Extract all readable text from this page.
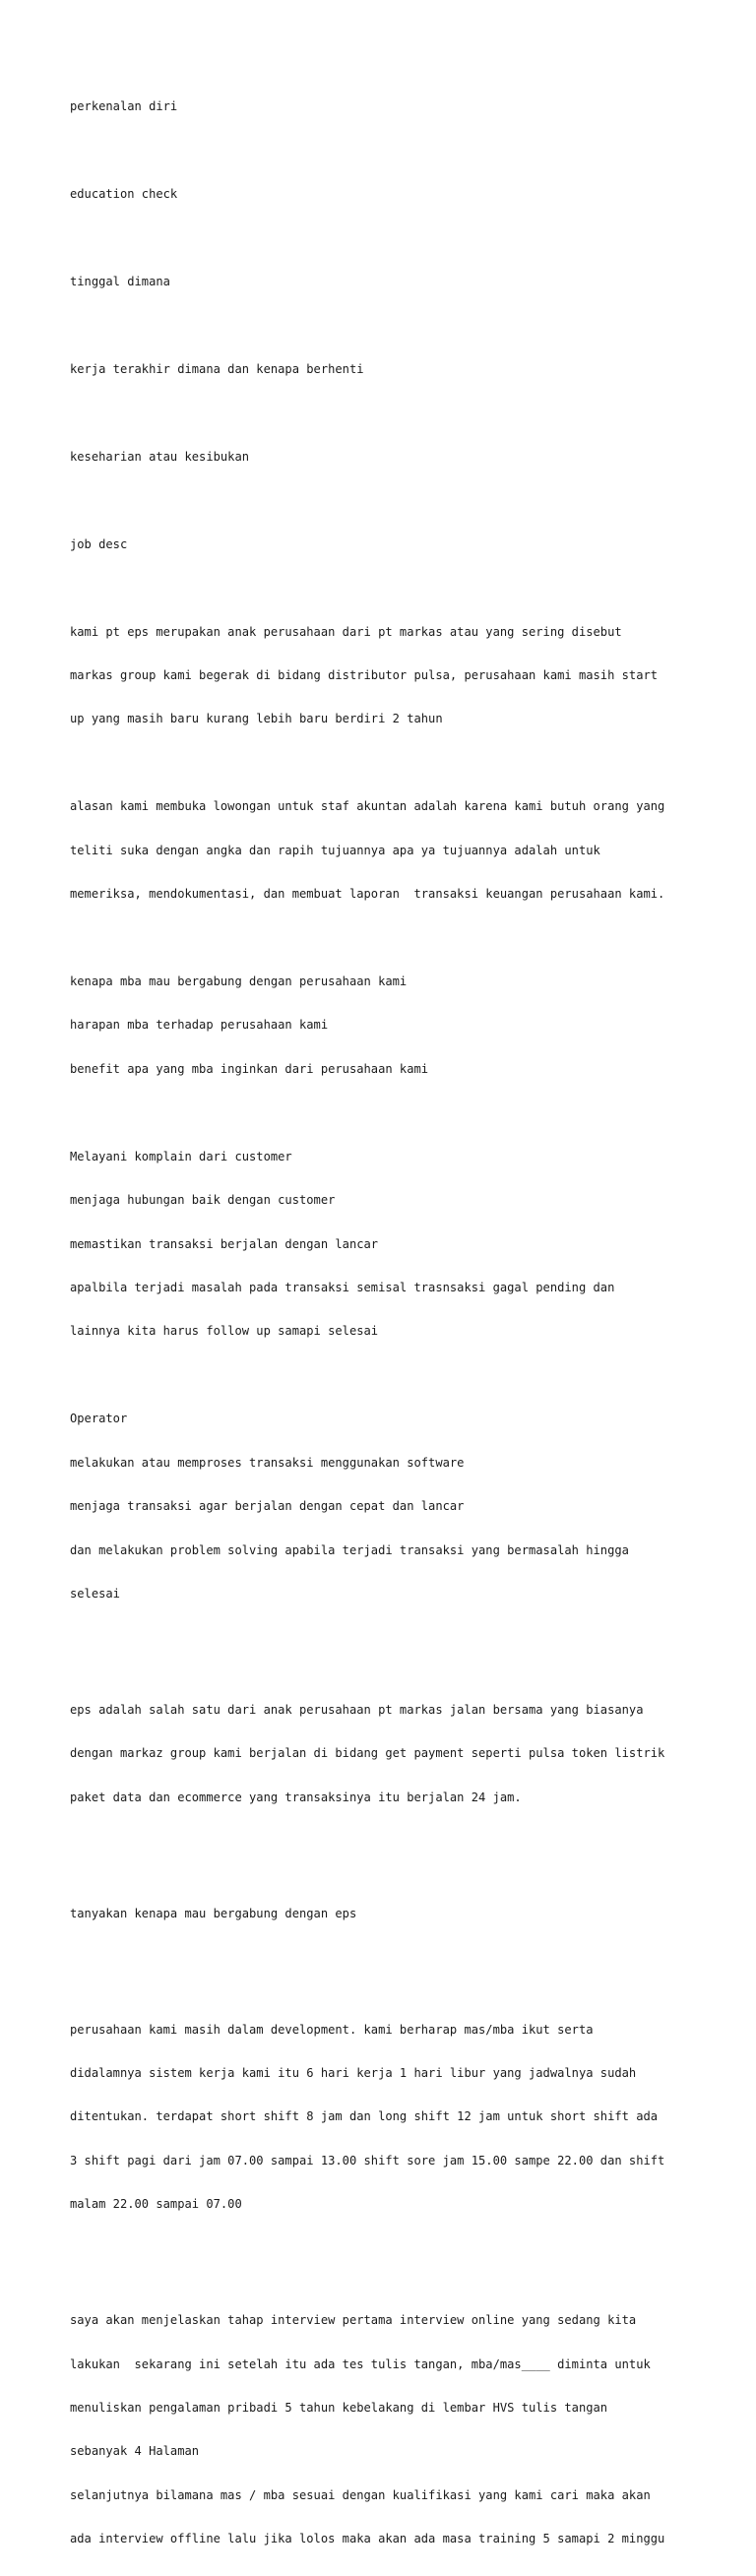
perkenalan diri

education check

tinggal dimana

kerja terakhir dimana dan kenapa berhenti

keseharian atau kesibukan

job desc

kami pt eps merupakan anak perusahaan dari pt markas atau yang sering disebut

markas group kami begerak di bidang distributor pulsa, perusahaan kami masih start

up yang masih baru kurang lebih baru berdiri 2 tahun

alasan kami membuka lowongan untuk staf akuntan adalah karena kami butuh orang yang

teliti suka dengan angka dan rapih tujuannya apa ya tujuannya adalah untuk

memeriksa, mendokumentasi, dan membuat laporan  transaksi keuangan perusahaan kami.

kenapa mba mau bergabung dengan perusahaan kami

harapan mba terhadap perusahaan kami

benefit apa yang mba inginkan dari perusahaan kami

Melayani komplain dari customer

menjaga hubungan baik dengan customer

memastikan transaksi berjalan dengan lancar

apalbila terjadi masalah pada transaksi semisal trasnsaksi gagal pending dan

lainnya kita harus follow up samapi selesai

Operator

melakukan atau memproses transaksi menggunakan software

menjaga transaksi agar berjalan dengan cepat dan lancar

dan melakukan problem solving apabila terjadi transaksi yang bermasalah hingga

selesai

eps adalah salah satu dari anak perusahaan pt markas jalan bersama yang biasanya

dengan markaz group kami berjalan di bidang get payment seperti pulsa token listrik

paket data dan ecommerce yang transaksinya itu berjalan 24 jam.

tanyakan kenapa mau bergabung dengan eps

perusahaan kami masih dalam development. kami berharap mas/mba ikut serta

didalamnya sistem kerja kami itu 6 hari kerja 1 hari libur yang jadwalnya sudah

ditentukan. terdapat short shift 8 jam dan long shift 12 jam untuk short shift ada

3 shift pagi dari jam 07.00 sampai 13.00 shift sore jam 15.00 sampe 22.00 dan shift

malam 22.00 sampai 07.00

saya akan menjelaskan tahap interview pertama interview online yang sedang kita

lakukan  sekarang ini setelah itu ada tes tulis tangan, mba/mas____ diminta untuk

menuliskan pengalaman pribadi 5 tahun kebelakang di lembar HVS tulis tangan

sebanyak 4 Halaman

selanjutnya bilamana mas / mba sesuai dengan kualifikasi yang kami cari maka akan

ada interview offline lalu jika lolos maka akan ada masa training 5 samapi 2 minggu
